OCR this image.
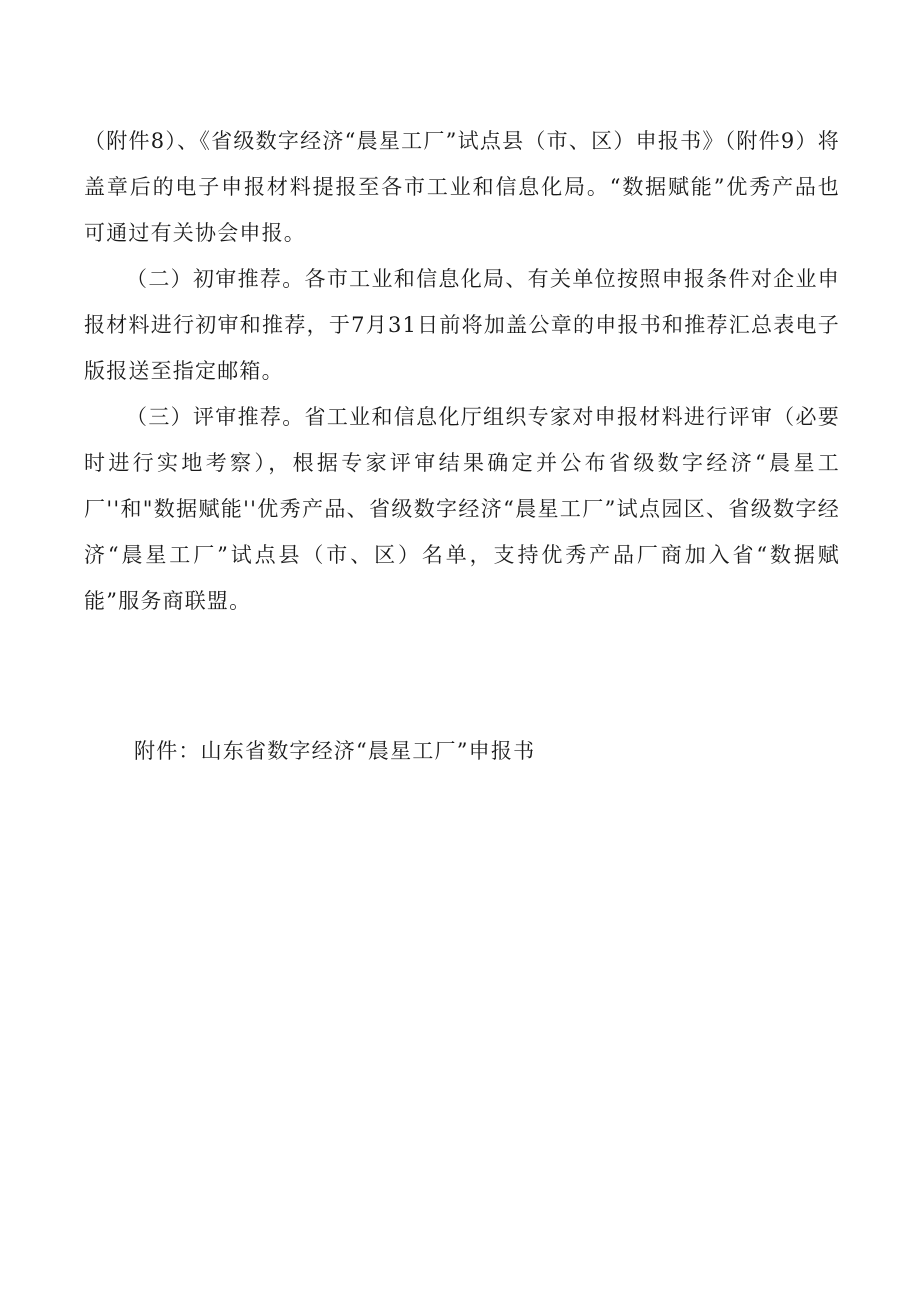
（附件8）、《省级数字经济“晨星工厂”试点县（市、区）申报书》（附件9）将盖章后的电子申报材料提报至各市工业和信息化局。“数据赋能”优秀产品也可通过有关协会申报。

（二）初审推荐。各市工业和信息化局、有关单位按照申报条件对企业申报材料进行初审和推荐，于7月31日前将加盖公章的申报书和推荐汇总表电子版报送至指定邮箱。

（三）评审推荐。省工业和信息化厅组织专家对申报材料进行评审（必要时进行实地考察），根据专家评审结果确定并公布省级数字经济“晨星工厂''和"数据赋能''优秀产品、省级数字经济“晨星工厂”试点园区、省级数字经济“晨星工厂”试点县（市、区）名单，支持优秀产品厂商加入省“数据赋能”服务商联盟。

附件：山东省数字经济“晨星工厂”申报书
